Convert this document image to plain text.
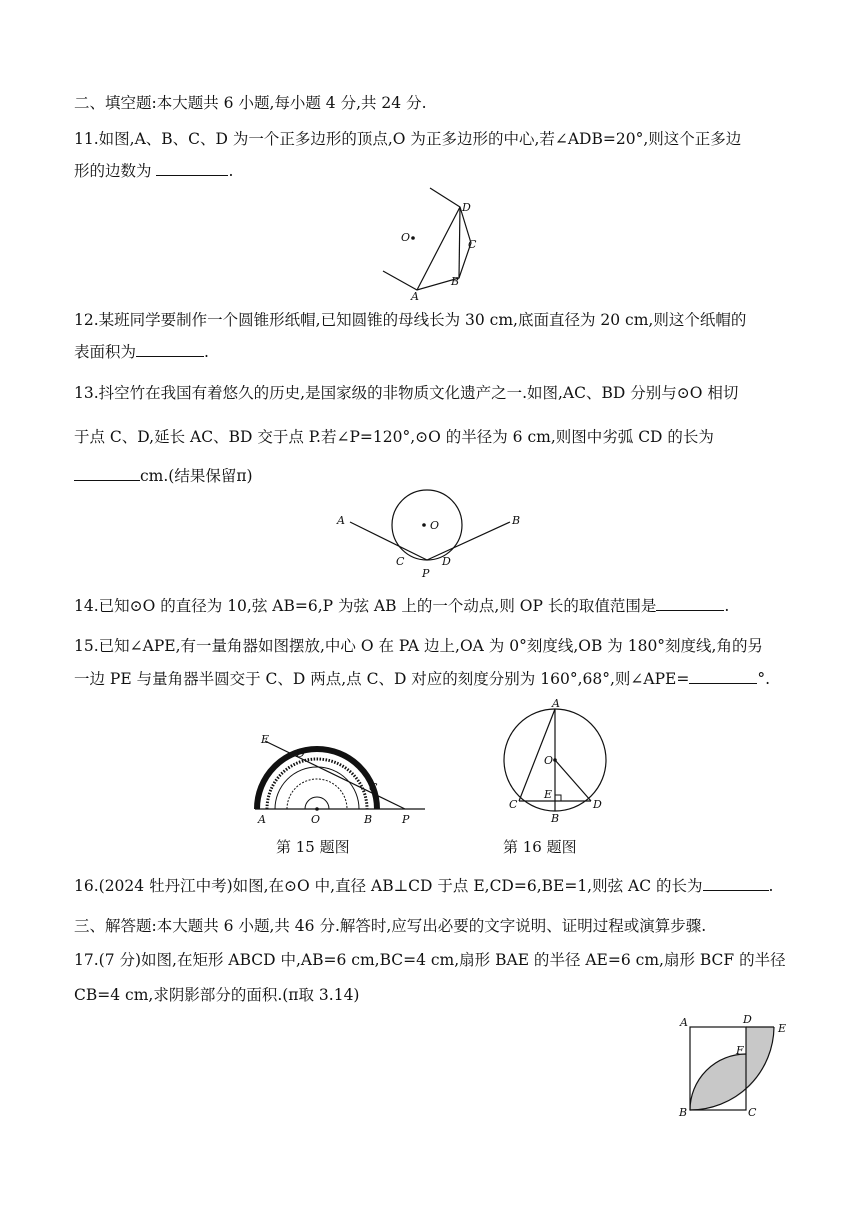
二、填空题:本大题共 6 小题,每小题 4 分,共 24 分.
11.如图,A、B、C、D 为一个正多边形的顶点,O 为正多边形的中心,若∠ADB=20°,则这个正多边
形的边数为	.
O
D
C
B
A
12.某班同学要制作一个圆锥形纸帽,已知圆锥的母线长为 30 cm,底面直径为 20 cm,则这个纸帽的
表面积为	.
13.抖空竹在我国有着悠久的历史,是国家级的非物质文化遗产之一.如图,AC、BD 分别与⊙O 相切
于点 C、D,延长 AC、BD 交于点 P.若∠P=120°,⊙O 的半径为 6 cm,则图中劣弧 CD 的长为
cm.(结果保留π)
O
A	B
C	D
P
14.已知⊙O 的直径为 10,弦 AB=6,P 为弦 AB 上的一个动点,则 OP 长的取值范围是	.
15.已知∠APE,有一量角器如图摆放,中心 O 在 PA 边上,OA 为 0°刻度线,OB 为 180°刻度线,角的另
一边 PE 与量角器半圆交于 C、D 两点,点 C、D 对应的刻度分别为 160°,68°,则∠APE=	°.
E
D
C
A	O	B	P
第 15 题图
A
O
E
C	D
B
第 16 题图
16.(2024 牡丹江中考)如图,在⊙O 中,直径 AB⊥CD 于点 E,CD=6,BE=1,则弦 AC 的长为	.
三、解答题:本大题共 6 小题,共 46 分.解答时,应写出必要的文字说明、证明过程或演算步骤.
17.(7 分)如图,在矩形 ABCD 中,AB=6 cm,BC=4 cm,扇形 BAE 的半径 AE=6 cm,扇形 BCF 的半径
CB=4 cm,求阴影部分的面积.(π取 3.14)
A	D
E
F
B	C
